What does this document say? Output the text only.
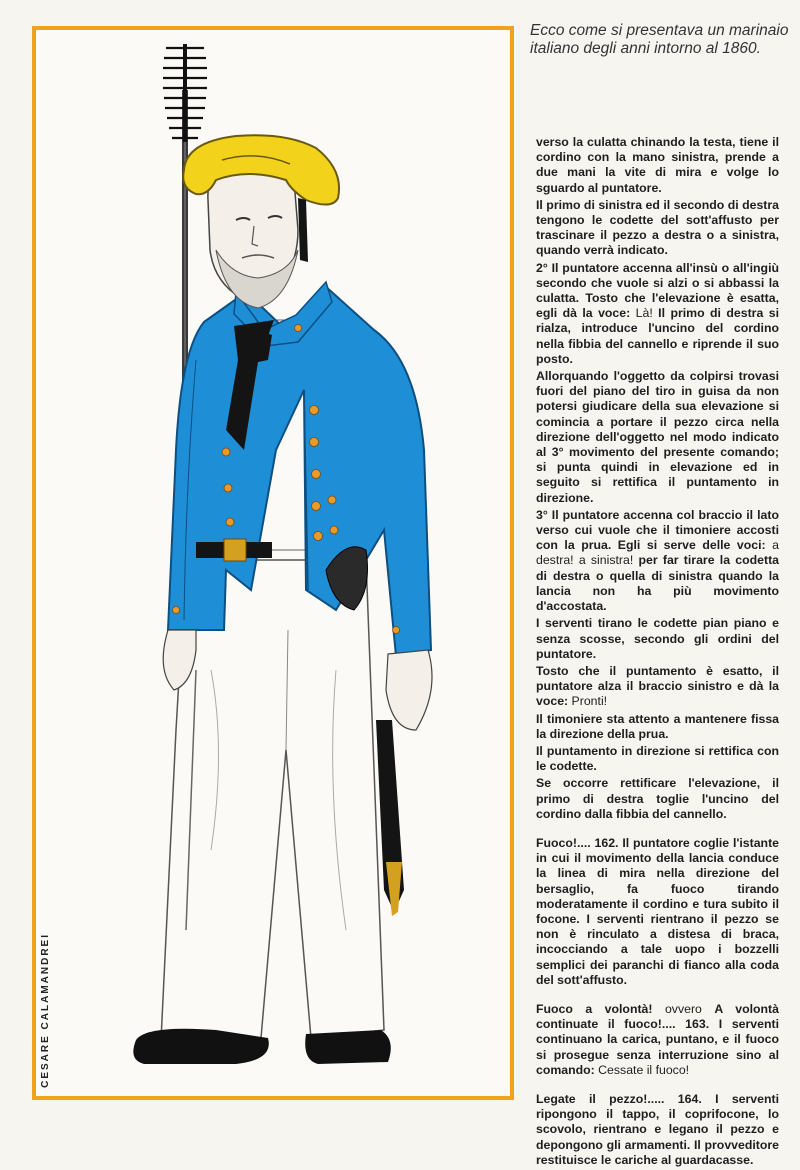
CESARE CALAMANDREI
Ecco come si presentava un marinaio italiano degli anni intorno al 1860.

verso la culatta chinando la testa, tiene il cordino con la mano sinistra, prende a due mani la vite di mira e volge lo sguardo al puntatore.

Il primo di sinistra ed il secondo di destra tengono le codette del sott'affusto per trascinare il pezzo a destra o a sinistra, quando verrà indicato.

2° Il puntatore accenna all'insù o all'ingiù secondo che vuole si alzi o si abbassi la culatta. Tosto che l'elevazione è esatta, egli dà la voce: Là! Il primo di destra si rialza, introduce l'uncino del cordino nella fibbia del cannello e riprende il suo posto.

Allorquando l'oggetto da colpirsi trovasi fuori del piano del tiro in guisa da non potersi giudicare della sua elevazione si comincia a portare il pezzo circa nella direzione dell'oggetto nel modo indicato al 3° movimento del presente comando; si punta quindi in elevazione ed in seguito si rettifica il puntamento in direzione.

3° Il puntatore accenna col braccio il lato verso cui vuole che il timoniere accosti con la prua. Egli si serve delle voci: a destra! a sinistra! per far tirare la codetta di destra o quella di sinistra quando la lancia non ha più movimento d'accostata.

I serventi tirano le codette pian piano e senza scosse, secondo gli ordini del puntatore.

Tosto che il puntamento è esatto, il puntatore alza il braccio sinistro e dà la voce: Pronti!

Il timoniere sta attento a mantenere fissa la direzione della prua.

Il puntamento in direzione si rettifica con le codette.

Se occorre rettificare l'elevazione, il primo di destra toglie l'uncino del cordino dalla fibbia del cannello.

Fuoco!.... 162. Il puntatore coglie l'istante in cui il movimento della lancia conduce la linea di mira nella direzione del bersaglio, fa fuoco tirando moderatamente il cordino e tura subito il focone. I serventi rientrano il pezzo se non è rinculato a distesa di braca, incocciando a tale uopo i bozzelli semplici dei paranchi di fianco alla coda del sott'affusto.

Fuoco a volontà! ovvero A volontà continuate il fuoco!.... 163. I serventi continuano la carica, puntano, e il fuoco si prosegue senza interruzione sino al comando: Cessate il fuoco!

Legate il pezzo!..... 164. I serventi ripongono il tappo, il coprifocone, lo scovolo, rientrano e legano il pezzo e depongono gli armamenti. Il provveditore restituisce le cariche al guardacasse.
